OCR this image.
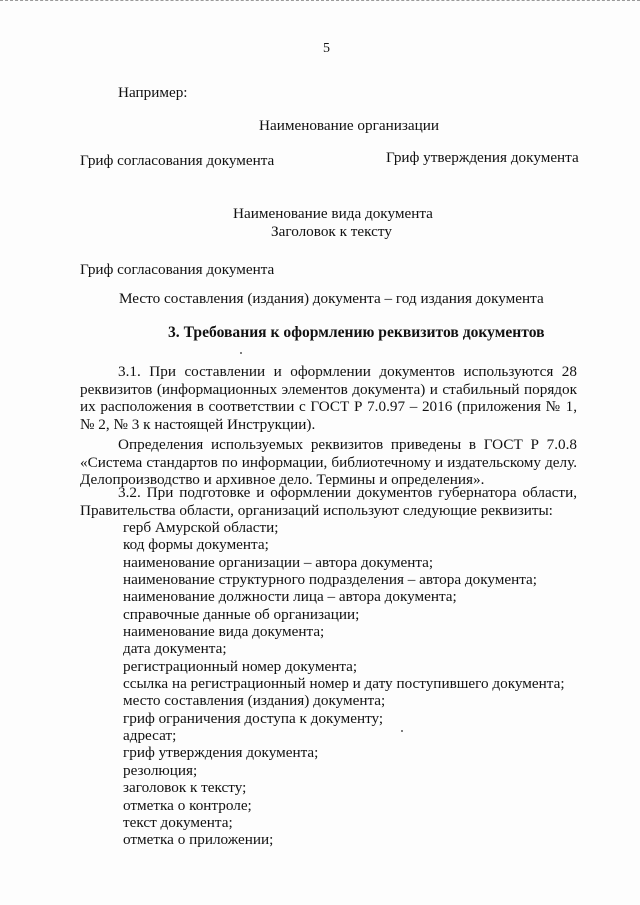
5
Например:
Наименование организации
Гриф согласования документа	Гриф утверждения документа
Наименование вида документа
Заголовок к тексту
Гриф согласования документа
Место составления (издания) документа – год издания документа
3. Требования к оформлению реквизитов документов
3.1. При составлении и оформлении документов используются 28 реквизитов (информационных элементов документа) и стабильный порядок их расположения в соответствии с ГОСТ Р 7.0.97 – 2016 (приложения № 1, № 2, № 3 к настоящей Инструкции).
Определения используемых реквизитов приведены в ГОСТ Р 7.0.8 «Система стандартов по информации, библиотечному и издательскому делу. Делопроизводство и архивное дело. Термины и определения».
3.2. При подготовке и оформлении документов губернатора области, Правительства области, организаций используют следующие реквизиты:
герб Амурской области;
код формы документа;
наименование организации – автора документа;
наименование структурного подразделения – автора документа;
наименование должности лица – автора документа;
справочные данные об организации;
наименование вида документа;
дата документа;
регистрационный номер документа;
ссылка на регистрационный номер и дату поступившего документа;
место составления (издания) документа;
гриф ограничения доступа к документу;
адресат;
гриф утверждения документа;
резолюция;
заголовок к тексту;
отметка о контроле;
текст документа;
отметка о приложении;
